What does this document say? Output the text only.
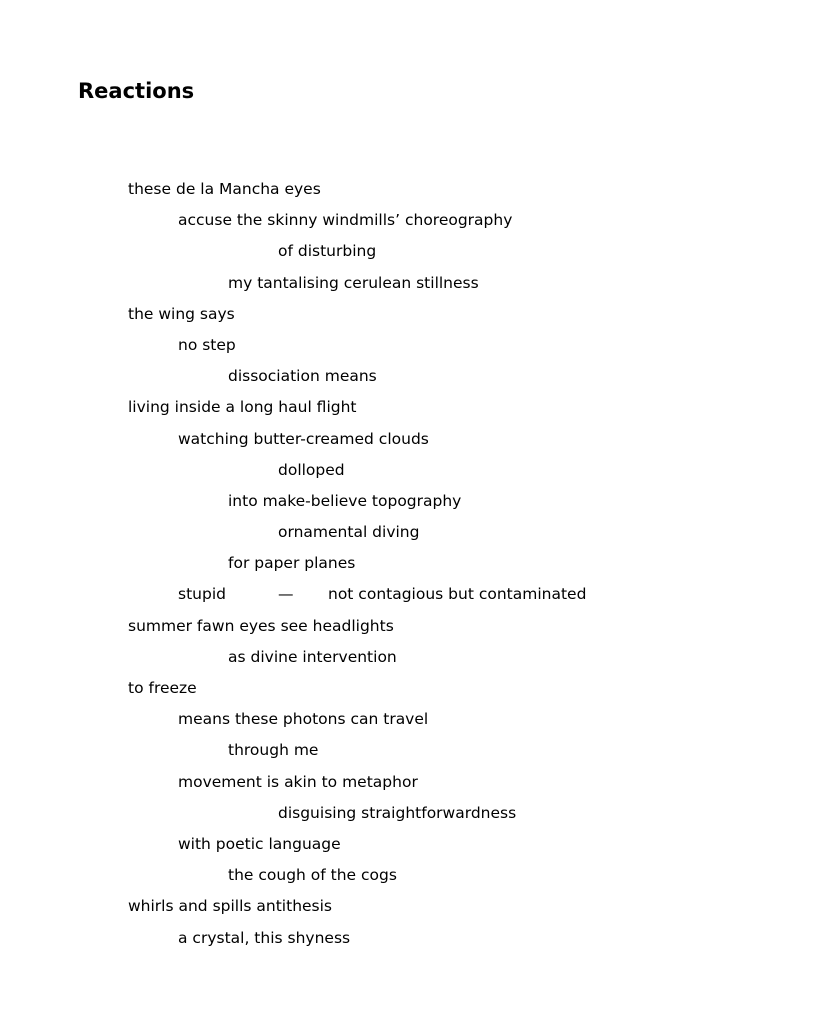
Reactions
these de la Mancha eyes
accuse the skinny windmills’ choreography
of disturbing
my tantalising cerulean stillness
the wing says
no step
dissociation means
living inside a long haul flight
watching butter-creamed clouds
dolloped
into make-believe topography
ornamental diving
for paper planes
stupid	— not contagious but contaminated
summer fawn eyes see headlights
as divine intervention
to freeze
means these photons can travel
through me
movement is akin to metaphor
disguising straightforwardness
with poetic language
the cough of the cogs
whirls and spills antithesis
a crystal, this shyness
